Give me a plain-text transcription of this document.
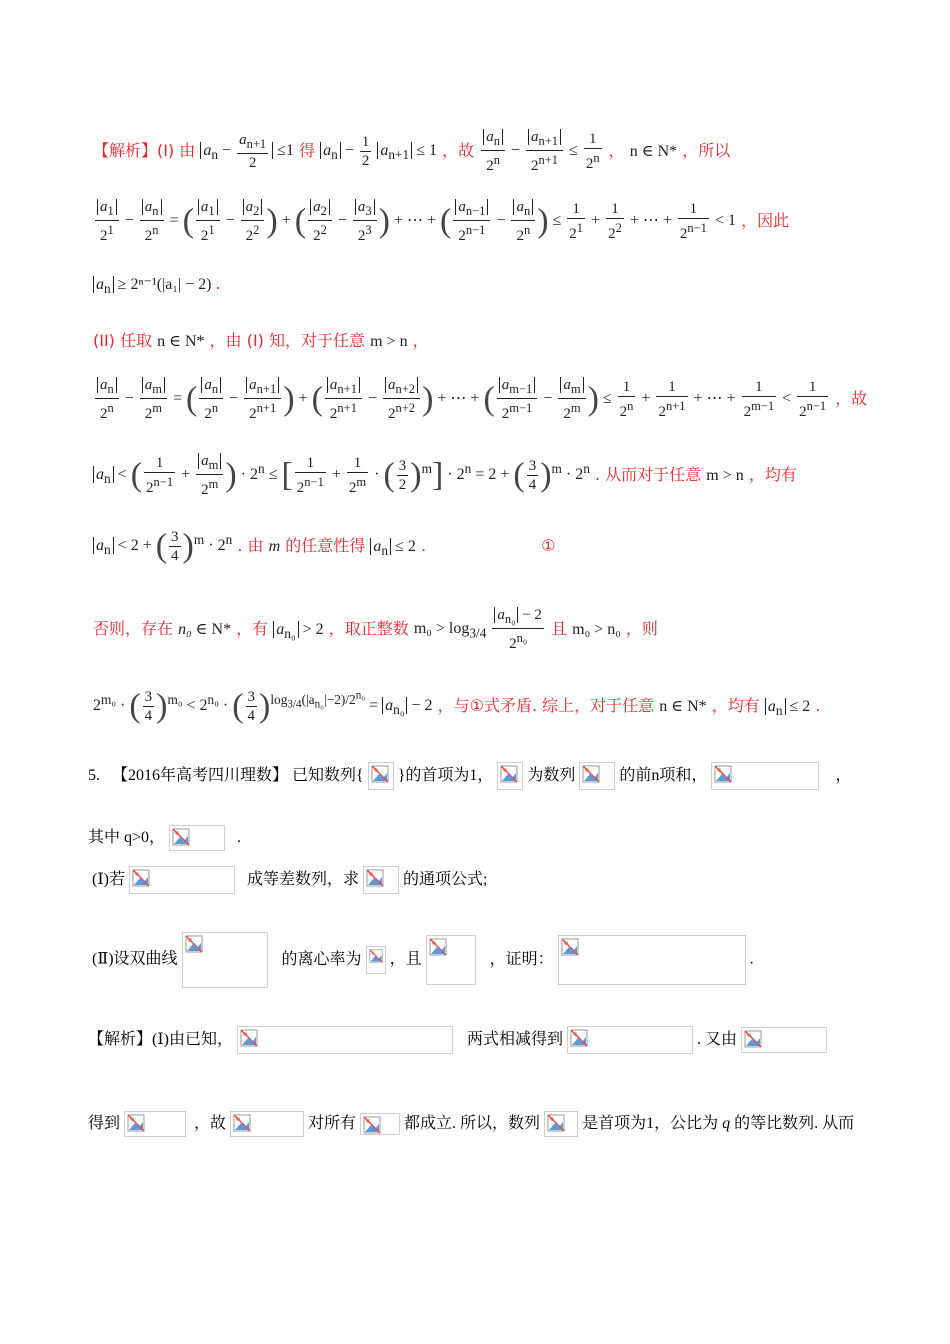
【解析】(I) 由 $a_n - \frac{a_{n+1}}{2} \le 1$ 得 $a_n - \frac{1}{2} a_{n+1} \le 1$ ，故 $\frac{a_n}{2^n} - \frac{a_{n+1}}{2^{n+1}} \le \frac{1}{2^n}$ ， n ∈ N* ，所以
$\frac{a_1}{2^1} - \frac{a_n}{2^n}$ = ( $\frac{a_1}{2^1} - \frac{a_2}{2^2}$ ) + ( $\frac{a_2}{2^2} - \frac{a_3}{2^3}$ ) + ⋯ + ( $\frac{a_{n-1}}{2^{n-1}} - \frac{a_n}{2^n}$ ) ≤ $\frac{1}{2^1} + \frac{1}{2^2}$ + ⋯ + $\frac{1}{2^{n-1}} < 1$ ，因此
$a_n \ge 2^{n-1}(|a_1| - 2)$ .
(II) 任取 n ∈ N* ，由 (I) 知，对于任意 m > n ，
$\frac{a_n}{2^n} - \frac{a_m}{2^m}$ = ( $\frac{a_n}{2^n} - \frac{a_{n+1}}{2^{n+1}}$ ) + ( $\frac{a_{n+1}}{2^{n+1}} - \frac{a_{n+2}}{2^{n+2}}$ ) + ⋯ + ( $\frac{a_{m-1}}{2^{m-1}} - \frac{a_m}{2^m}$ ) ≤ $\frac{1}{2^n} + \frac{1}{2^{n+1}}$ + ⋯ + $\frac{1}{2^{m-1}} < \frac{1}{2^{n-1}}$ ，故
$a_n$ < ( $\frac{1}{2^{n-1}} + \frac{a_m}{2^m}$ ) · $2^n$ ≤ [ $\frac{1}{2^{n-1}} + \frac{1}{2^m}$ · ( $\frac{3}{2} )^m] \cdot 2^n = 2$ + ( $\frac{3}{4} )^m \cdot 2^n$ . 从而对于任意 m > n ，均有
$a_n < 2$ + ( $\frac{3}{4} )^m \cdot 2^n$ . 由 m 的任意性得 $a_n \le 2$ .	①
否则，存在 n₀ ∈ N* ，有 $a_{n_0} > 2$ ，取正整数 $m_0 > \log_{3/4} \frac{a_{n_0} - 2}{2^{n_0}}$ 且 m₀ > n₀ ，则
$2^{m_0}$ · ( $\frac{3}{4} )^{m_0} < 2^{n_0}$ · ( $\frac{3}{4} )^{log_{3/4}(|a_{n_0}|-2)/2^{n_0}} = a_{n_0} - 2$ ，与①式矛盾. 综上，对于任意 n ∈ N* ，均有 $a_n \le 2$ .
5. 【2016年高考四川理数】 已知数列{ }的首项为1， 为数列	的前n项和，	，
其中 q>0，	.
(Ⅰ)若	成等差数列，求	的通项公式;
(Ⅱ)设双曲线	的离心率为 ，且	，证明：	.
【解析】(Ⅰ)由已知，	两式相减得到	. 又由
得到	，故	对所有	都成立. 所以，数列	是首项为1，公比为 q 的等比数列. 从而
